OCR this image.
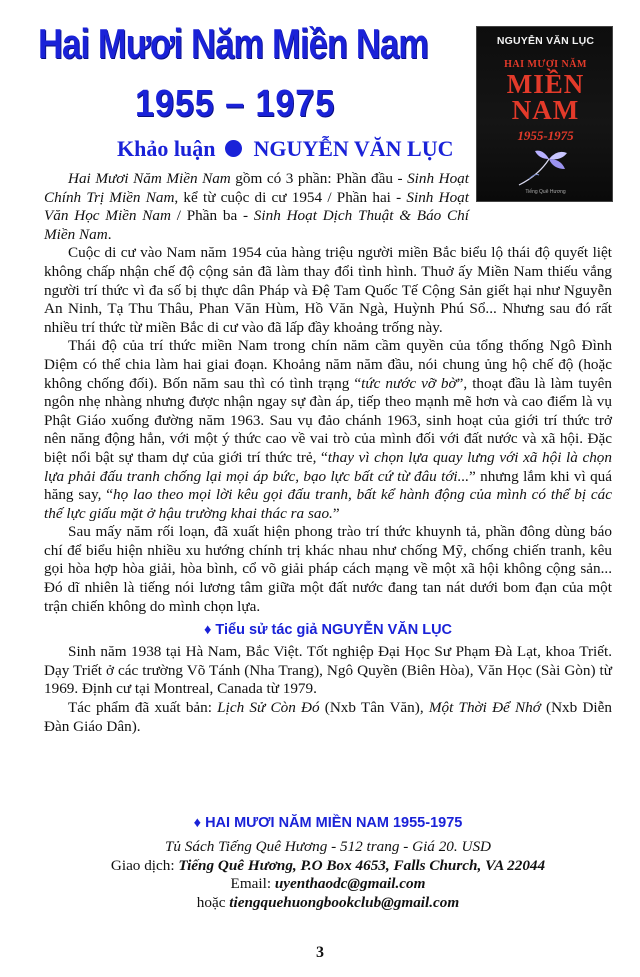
Hai Mươi Năm Miền Nam
1955 – 1975
Khảo luận NGUYỄN VĂN LỤC
NGUYỄN VĂN LỤC
HAI MƯƠI NĂM
MIỀN
NAM
1955-1975
Tiếng Quê Hương

Hai Mươi Năm Miền Nam gồm có 3 phần: Phần đầu - Sinh Hoạt Chính Trị Miền Nam, kể từ cuộc di cư 1954 / Phần hai - Sinh Hoạt Văn Học Miền Nam / Phần ba - Sinh Hoạt Dịch Thuật & Báo Chí Miền Nam.

Cuộc di cư vào Nam năm 1954 của hàng triệu người miền Bắc biểu lộ thái độ quyết liệt không chấp nhận chế độ cộng sản đã làm thay đổi tình hình. Thuở ấy Miền Nam thiếu vắng người trí thức vì đa số bị thực dân Pháp và Đệ Tam Quốc Tế Cộng Sản giết hại như Nguyễn An Ninh, Tạ Thu Thâu, Phan Văn Hùm, Hồ Văn Ngà, Huỳnh Phú Sổ... Nhưng sau đó rất nhiều trí thức từ miền Bắc di cư vào đã lấp đầy khoảng trống này.

Thái độ của trí thức miền Nam trong chín năm cầm quyền của tổng thống Ngô Đình Diệm có thể chia làm hai giai đoạn. Khoảng năm năm đầu, nói chung ủng hộ chế độ (hoặc không chống đối). Bốn năm sau thì có tình trạng “tức nước vỡ bờ”, thoạt đầu là làm tuyên ngôn nhẹ nhàng nhưng được nhận ngay sự đàn áp, tiếp theo mạnh mẽ hơn và cao điểm là vụ Phật Giáo xuống đường năm 1963. Sau vụ đảo chánh 1963, sinh hoạt của giới trí thức trở nên năng động hẳn, với một ý thức cao về vai trò của mình đối với đất nước và xã hội. Đặc biệt nổi bật sự tham dự của giới trí thức trẻ, “thay vì chọn lựa quay lưng với xã hội là chọn lựa phải đấu tranh chống lại mọi áp bức, bạo lực bất cứ từ đâu tới...” nhưng lắm khi vì quá hăng say, “họ lao theo mọi lời kêu gọi đấu tranh, bất kể hành động của mình có thể bị các thế lực giấu mặt ở hậu trường khai thác ra sao.”

Sau mấy năm rối loạn, đã xuất hiện phong trào trí thức khuynh tả, phần đông dùng báo chí để biểu hiện nhiều xu hướng chính trị khác nhau như chống Mỹ, chống chiến tranh, kêu gọi hòa hợp hòa giải, hòa bình, cổ võ giải pháp cách mạng về một xã hội không cộng sản... Đó dĩ nhiên là tiếng nói lương tâm giữa một đất nước đang tan nát dưới bom đạn của một trận chiến không do mình chọn lựa.

♦ Tiểu sử tác giả NGUYỄN VĂN LỤC

Sinh năm 1938 tại Hà Nam, Bắc Việt. Tốt nghiệp Đại Học Sư Phạm Đà Lạt, khoa Triết. Dạy Triết ở các trường Võ Tánh (Nha Trang), Ngô Quyền (Biên Hòa), Văn Học (Sài Gòn) từ 1969. Định cư tại Montreal, Canada từ 1979.

Tác phẩm đã xuất bản: Lịch Sử Còn Đó (Nxb Tân Văn), Một Thời Để Nhớ (Nxb Diễn Đàn Giáo Dân).

♦ HAI MƯƠI NĂM MIỀN NAM 1955-1975
Tủ Sách Tiếng Quê Hương - 512 trang - Giá 20. USD
Giao dịch: Tiếng Quê Hương, P.O Box 4653, Falls Church, VA 22044
Email: uyenthaodc@gmail.com
hoặc tiengquehuongbookclub@gmail.com
3
